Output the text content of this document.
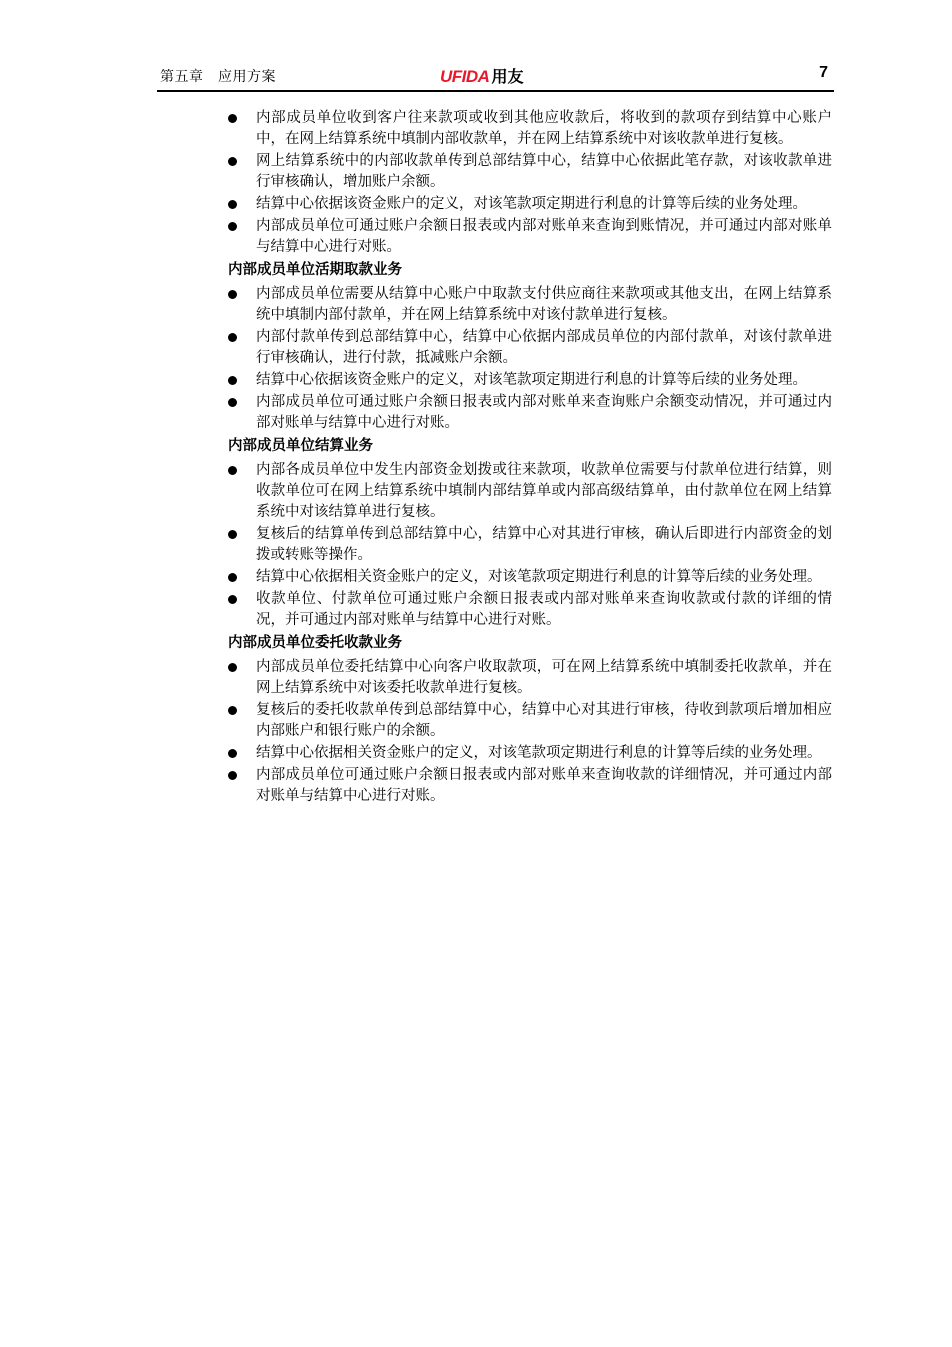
第五章　应用方案	UFIDA 用友	7
内部成员单位收到客户往来款项或收到其他应收款后，将收到的款项存到结算中心账户中，在网上结算系统中填制内部收款单，并在网上结算系统中对该收款单进行复核。
网上结算系统中的内部收款单传到总部结算中心，结算中心依据此笔存款，对该收款单进行审核确认，增加账户余额。
结算中心依据该资金账户的定义，对该笔款项定期进行利息的计算等后续的业务处理。
内部成员单位可通过账户余额日报表或内部对账单来查询到账情况，并可通过内部对账单与结算中心进行对账。
内部成员单位活期取款业务
内部成员单位需要从结算中心账户中取款支付供应商往来款项或其他支出，在网上结算系统中填制内部付款单，并在网上结算系统中对该付款单进行复核。
内部付款单传到总部结算中心，结算中心依据内部成员单位的内部付款单，对该付款单进行审核确认，进行付款，抵减账户余额。
结算中心依据该资金账户的定义，对该笔款项定期进行利息的计算等后续的业务处理。
内部成员单位可通过账户余额日报表或内部对账单来查询账户余额变动情况，并可通过内部对账单与结算中心进行对账。
内部成员单位结算业务
内部各成员单位中发生内部资金划拨或往来款项，收款单位需要与付款单位进行结算，则收款单位可在网上结算系统中填制内部结算单或内部高级结算单，由付款单位在网上结算系统中对该结算单进行复核。
复核后的结算单传到总部结算中心，结算中心对其进行审核，确认后即进行内部资金的划拨或转账等操作。
结算中心依据相关资金账户的定义，对该笔款项定期进行利息的计算等后续的业务处理。
收款单位、付款单位可通过账户余额日报表或内部对账单来查询收款或付款的详细的情况，并可通过内部对账单与结算中心进行对账。
内部成员单位委托收款业务
内部成员单位委托结算中心向客户收取款项，可在网上结算系统中填制委托收款单，并在网上结算系统中对该委托收款单进行复核。
复核后的委托收款单传到总部结算中心，结算中心对其进行审核，待收到款项后增加相应内部账户和银行账户的余额。
结算中心依据相关资金账户的定义，对该笔款项定期进行利息的计算等后续的业务处理。
内部成员单位可通过账户余额日报表或内部对账单来查询收款的详细情况，并可通过内部对账单与结算中心进行对账。
